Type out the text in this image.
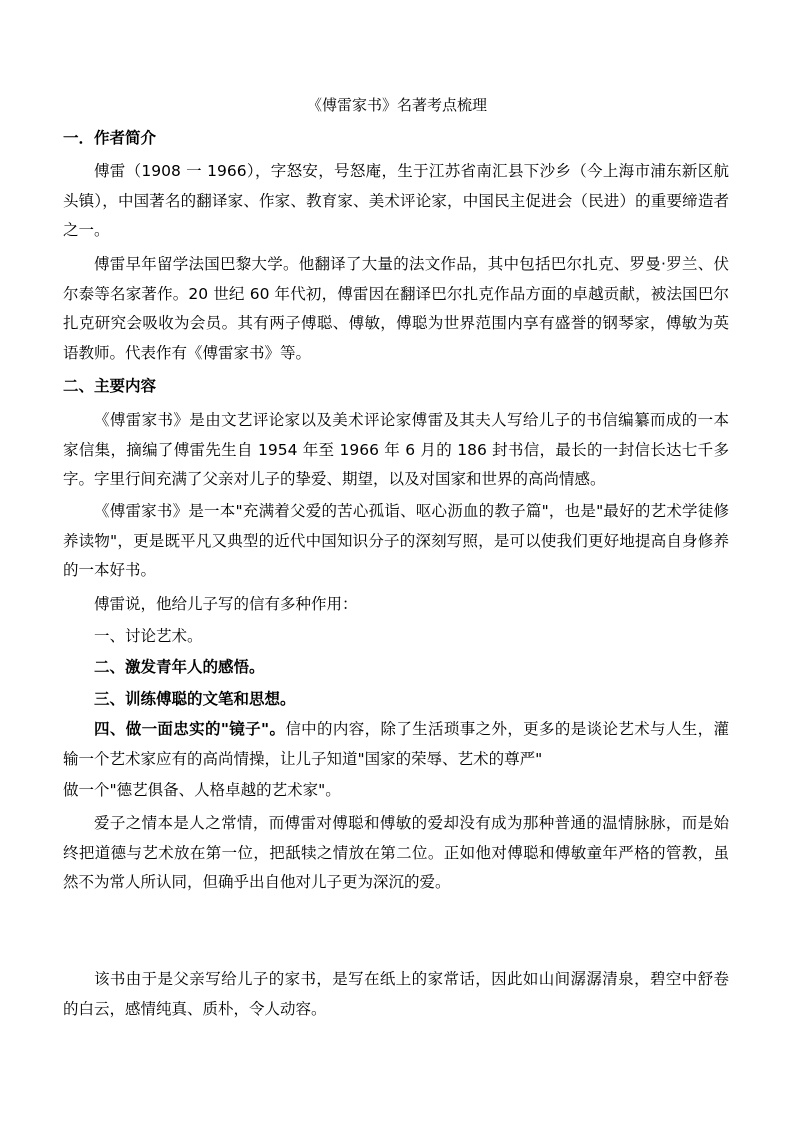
《傅雷家书》名著考点梳理
一．作者简介

傅雷（1908 一 1966），字怒安，号怒庵，生于江苏省南汇县下沙乡（今上海市浦东新区航头镇），中国著名的翻译家、作家、教育家、美术评论家，中国民主促进会（民进）的重要缔造者之一。

傅雷早年留学法国巴黎大学。他翻译了大量的法文作品，其中包括巴尔扎克、罗曼·罗兰、伏尔泰等名家著作。20 世纪 60 年代初，傅雷因在翻译巴尔扎克作品方面的卓越贡献，被法国巴尔扎克研究会吸收为会员。其有两子傅聪、傅敏，傅聪为世界范围内享有盛誉的钢琴家，傅敏为英语教师。代表作有《傅雷家书》等。

二、主要内容

《傅雷家书》是由文艺评论家以及美术评论家傅雷及其夫人写给儿子的书信编纂而成的一本家信集，摘编了傅雷先生自 1954 年至 1966 年 6 月的 186 封书信，最长的一封信长达七千多字。字里行间充满了父亲对儿子的挚爱、期望，以及对国家和世界的高尚情感。

《傅雷家书》是一本"充满着父爱的苦心孤诣、呕心沥血的教子篇"，也是"最好的艺术学徒修养读物"，更是既平凡又典型的近代中国知识分子的深刻写照，是可以使我们更好地提高自身修养的一本好书。

傅雷说，他给儿子写的信有多种作用：

一、讨论艺术。
二、激发青年人的感悟。
三、训练傅聪的文笔和思想。

四、做一面忠实的"镜子"。信中的内容，除了生活琐事之外，更多的是谈论艺术与人生，灌输一个艺术家应有的高尚情操，让儿子知道"国家的荣辱、艺术的尊严"

做一个"德艺俱备、人格卓越的艺术家"。

爱子之情本是人之常情，而傅雷对傅聪和傅敏的爱却没有成为那种普通的温情脉脉，而是始终把道德与艺术放在第一位，把舐犊之情放在第二位。正如他对傅聪和傅敏童年严格的管教，虽然不为常人所认同，但确乎出自他对儿子更为深沉的爱。

该书由于是父亲写给儿子的家书，是写在纸上的家常话，因此如山间潺潺清泉，碧空中舒卷的白云，感情纯真、质朴，令人动容。
